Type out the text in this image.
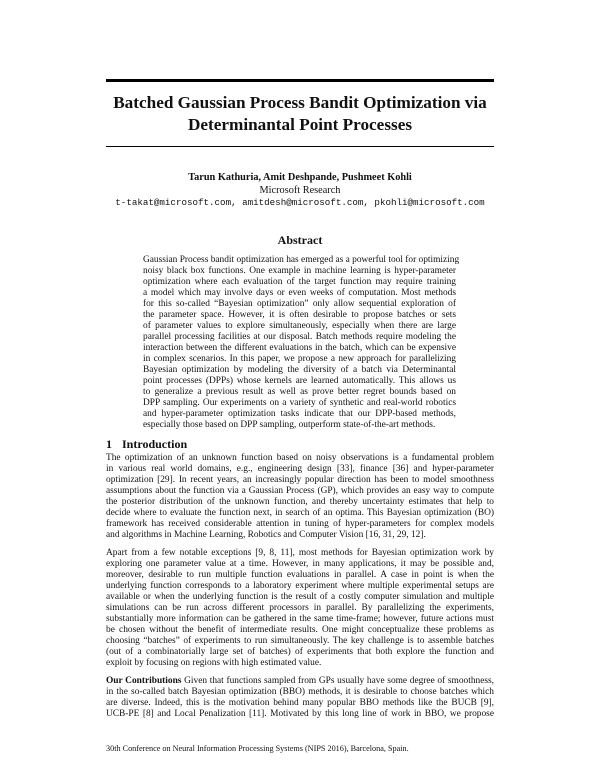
Batched Gaussian Process Bandit Optimization via
Determinantal Point Processes
Tarun Kathuria, Amit Deshpande, Pushmeet Kohli
Microsoft Research
t-takat@microsoft.com, amitdesh@microsoft.com, pkohli@microsoft.com
Abstract
Gaussian Process bandit optimization has emerged as a powerful tool for optimizing
noisy black box functions. One example in machine learning is hyper-parameter
optimization where each evaluation of the target function may require training
a model which may involve days or even weeks of computation. Most methods
for this so-called “Bayesian optimization” only allow sequential exploration of
the parameter space. However, it is often desirable to propose batches or sets
of parameter values to explore simultaneously, especially when there are large
parallel processing facilities at our disposal. Batch methods require modeling the
interaction between the different evaluations in the batch, which can be expensive
in complex scenarios. In this paper, we propose a new approach for parallelizing
Bayesian optimization by modeling the diversity of a batch via Determinantal
point processes (DPPs) whose kernels are learned automatically. This allows us
to generalize a previous result as well as prove better regret bounds based on
DPP sampling. Our experiments on a variety of synthetic and real-world robotics
and hyper-parameter optimization tasks indicate that our DPP-based methods,
especially those based on DPP sampling, outperform state-of-the-art methods.
1 Introduction
The optimization of an unknown function based on noisy observations is a fundamental problem
in various real world domains, e.g., engineering design [33], finance [36] and hyper-parameter
optimization [29]. In recent years, an increasingly popular direction has been to model smoothness
assumptions about the function via a Gaussian Process (GP), which provides an easy way to compute
the posterior distribution of the unknown function, and thereby uncertainty estimates that help to
decide where to evaluate the function next, in search of an optima. This Bayesian optimization (BO)
framework has received considerable attention in tuning of hyper-parameters for complex models
and algorithms in Machine Learning, Robotics and Computer Vision [16, 31, 29, 12].
Apart from a few notable exceptions [9, 8, 11], most methods for Bayesian optimization work by
exploring one parameter value at a time. However, in many applications, it may be possible and,
moreover, desirable to run multiple function evaluations in parallel. A case in point is when the
underlying function corresponds to a laboratory experiment where multiple experimental setups are
available or when the underlying function is the result of a costly computer simulation and multiple
simulations can be run across different processors in parallel. By parallelizing the experiments,
substantially more information can be gathered in the same time-frame; however, future actions must
be chosen without the benefit of intermediate results. One might conceptualize these problems as
choosing “batches” of experiments to run simultaneously. The key challenge is to assemble batches
(out of a combinatorially large set of batches) of experiments that both explore the function and
exploit by focusing on regions with high estimated value.
Our Contributions Given that functions sampled from GPs usually have some degree of smoothness,
in the so-called batch Bayesian optimization (BBO) methods, it is desirable to choose batches which
are diverse. Indeed, this is the motivation behind many popular BBO methods like the BUCB [9],
UCB-PE [8] and Local Penalization [11]. Motivated by this long line of work in BBO, we propose
30th Conference on Neural Information Processing Systems (NIPS 2016), Barcelona, Spain.
